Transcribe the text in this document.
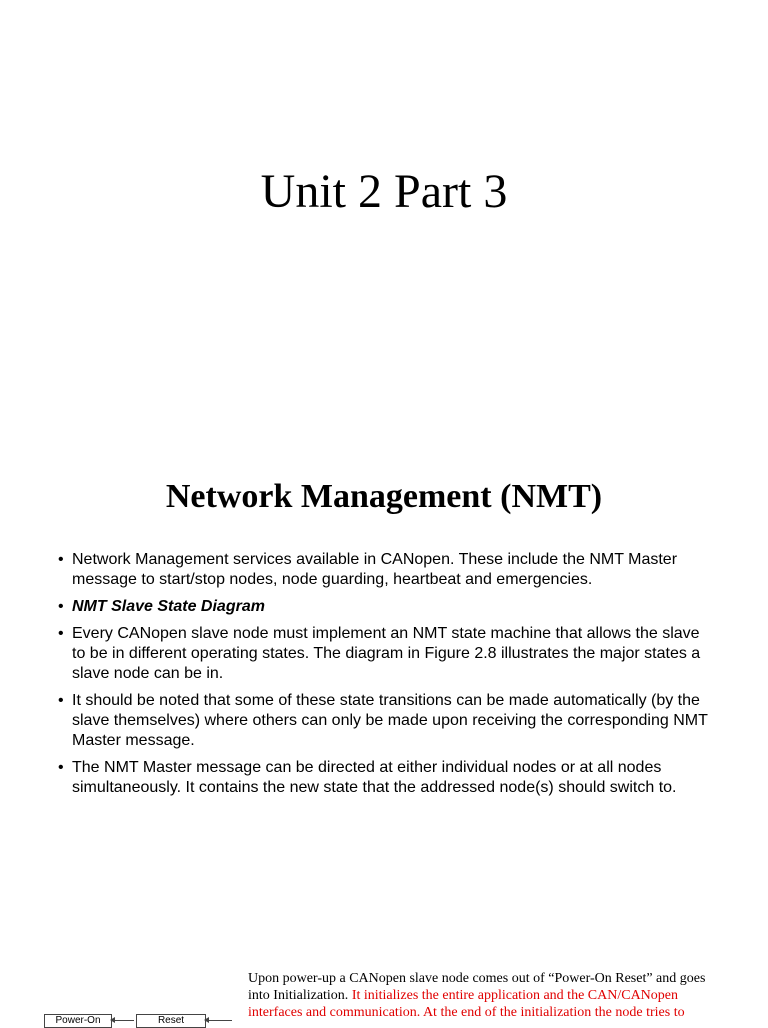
Unit 2 Part 3
Network Management (NMT)
• Network Management services available in CANopen. These include the NMT Master message to start/stop nodes, node guarding, heartbeat and emergencies.
• NMT Slave State Diagram
• Every CANopen slave node must implement an NMT state machine that allows the slave to be in different operating states. The diagram in Figure 2.8 illustrates the major states a slave node can be in.
• It should be noted that some of these state transitions can be made automatically (by the slave themselves) where others can only be made upon receiving the corresponding NMT Master message.
• The NMT Master message can be directed at either individual nodes or at all nodes simultaneously. It contains the new state that the addressed node(s) should switch to.
Upon power-up a CANopen slave node comes out of “Power-On Reset” and goes into Initialization. It initializes the entire application and the CAN/CANopen interfaces and communication. At the end of the initialization the node tries to
Power-On	Reset
